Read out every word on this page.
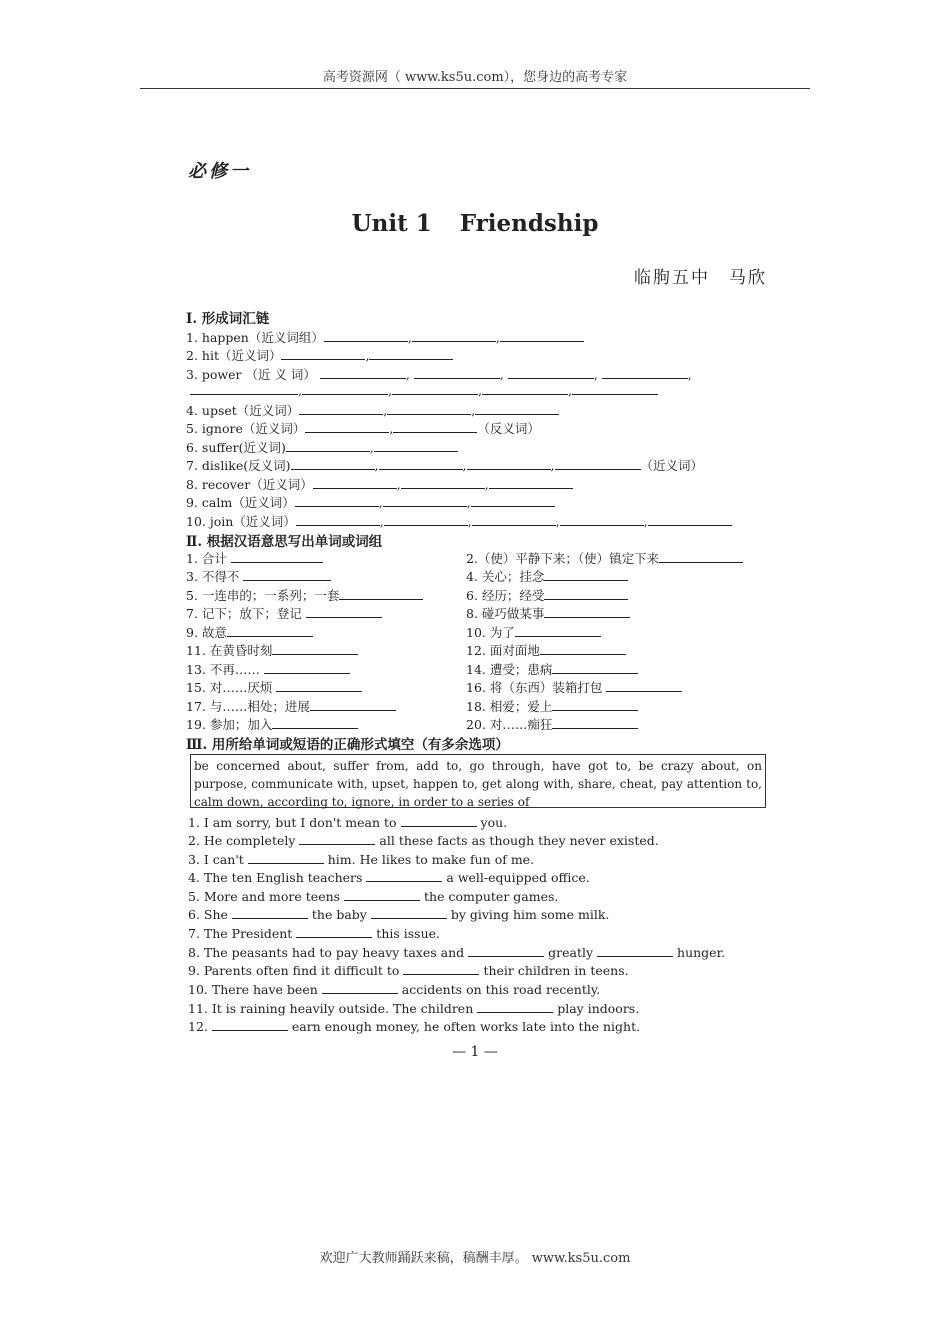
高考资源网（ www.ks5u.com），您身边的高考专家
必修一
Unit 1 Friendship
临朐五中　马欣
Ⅰ. 形成词汇链
1. happen（近义词组）	,	,
2. hit（近义词）	,
3. power （近 义 词）	,	,	,	,
,	,	,	,
4. upset（近义词）	,	,
5. ignore（近义词）	,	（反义词）
6. suffer(近义词)	,
7. dislike(反义词)	,	,	,	（近义词）
8. recover（近义词）	,	,
9. calm（近义词）	,	,
10. join（近义词）	,	,	,	,
Ⅱ. 根据汉语意思写出单词或词组
1. 合计	2.（使）平静下来；（使）镇定下来
3. 不得不	4. 关心；挂念
5. 一连串的；一系列；一套	6. 经历；经受
7. 记下；放下；登记	8. 碰巧做某事
9. 故意	10. 为了
11. 在黄昏时刻	12. 面对面地
13. 不再……	14. 遭受；患病
15. 对……厌烦	16. 将（东西）装箱打包
17. 与……相处；进展	18. 相爱；爱上
19. 参加；加入	20. 对……痴狂
Ⅲ. 用所给单词或短语的正确形式填空（有多余选项）
be concerned about, suffer from, add to, go through, have got to, be crazy about, on purpose, communicate with, upset, happen to, get along with, share, cheat, pay attention to, calm down, according to, ignore, in order to a series of
1. I am sorry, but I don't mean to	you.
2. He completely	all these facts as though they never existed.
3. I can't	him. He likes to make fun of me.
4. The ten English teachers	a well-equipped office.
5. More and more teens	the computer games.
6. She	the baby	by giving him some milk.
7. The President	this issue.
8. The peasants had to pay heavy taxes and	greatly	hunger.
9. Parents often find it difficult to	their children in teens.
10. There have been	accidents on this road recently.
11. It is raining heavily outside. The children	play indoors.
12.	earn enough money, he often works late into the night.
— 1 —
欢迎广大教师踊跃来稿，稿酬丰厚。 www.ks5u.com
